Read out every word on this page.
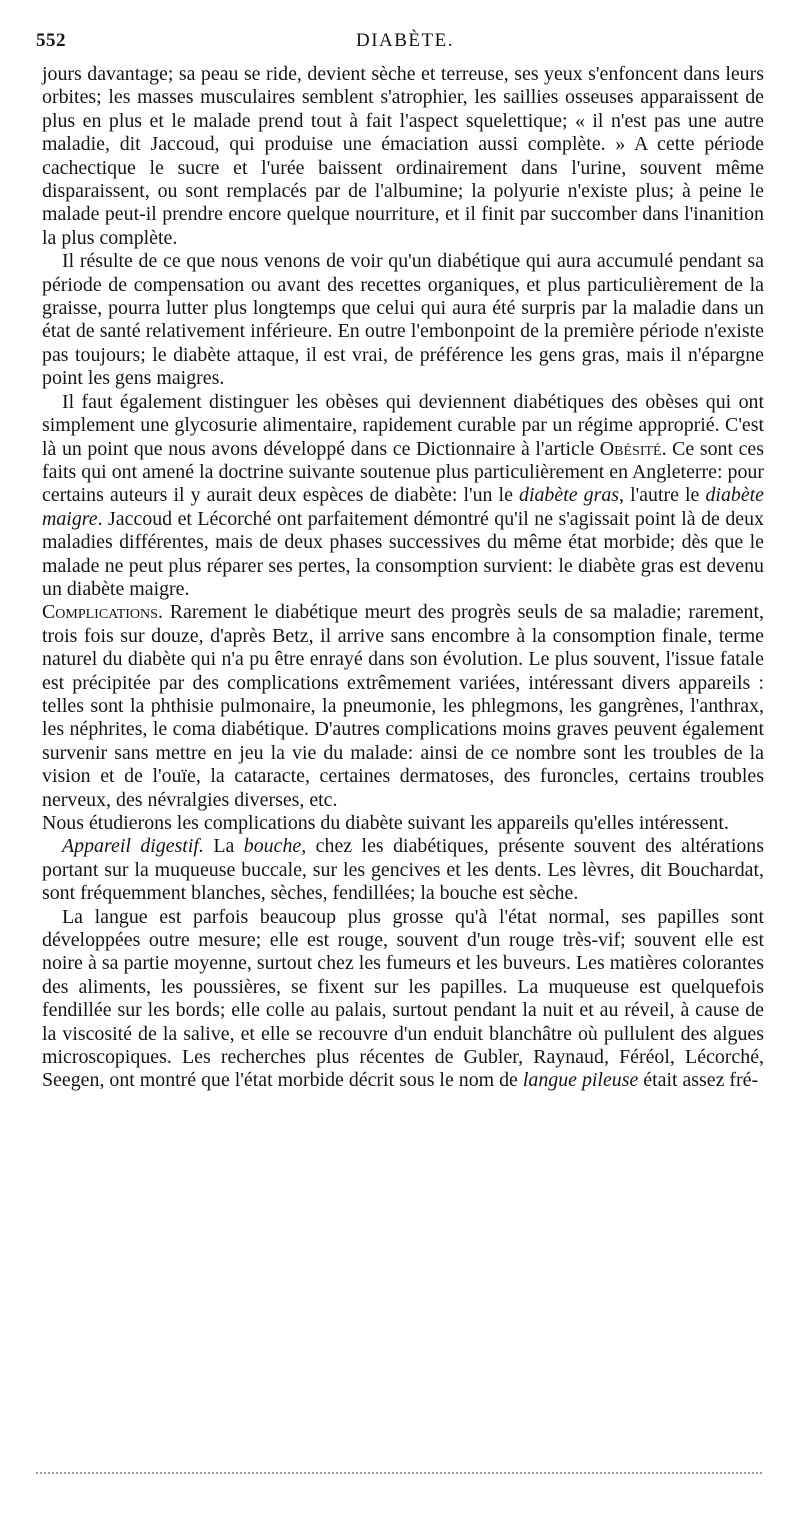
552	DIABÈTE.

jours davantage; sa peau se ride, devient sèche et terreuse, ses yeux s'enfoncent dans leurs orbites; les masses musculaires semblent s'atrophier, les saillies osseuses apparaissent de plus en plus et le malade prend tout à fait l'aspect squelettique; « il n'est pas une autre maladie, dit Jaccoud, qui produise une émaciation aussi complète. » A cette période cachectique le sucre et l'urée baissent ordinairement dans l'urine, souvent même disparaissent, ou sont remplacés par de l'albumine; la polyurie n'existe plus; à peine le malade peut-il prendre encore quelque nourriture, et il finit par succomber dans l'inanition la plus complète.

Il résulte de ce que nous venons de voir qu'un diabétique qui aura accumulé pendant sa période de compensation ou avant des recettes organiques, et plus particulièrement de la graisse, pourra lutter plus longtemps que celui qui aura été surpris par la maladie dans un état de santé relativement inférieure. En outre l'embonpoint de la première période n'existe pas toujours; le diabète attaque, il est vrai, de préférence les gens gras, mais il n'épargne point les gens maigres.

Il faut également distinguer les obèses qui deviennent diabétiques des obèses qui ont simplement une glycosurie alimentaire, rapidement curable par un régime approprié. C'est là un point que nous avons développé dans ce Dictionnaire à l'article Obésité. Ce sont ces faits qui ont amené la doctrine suivante soutenue plus particulièrement en Angleterre: pour certains auteurs il y aurait deux espèces de diabète: l'un le diabète gras, l'autre le diabète maigre. Jaccoud et Lécorché ont parfaitement démontré qu'il ne s'agissait point là de deux maladies différentes, mais de deux phases successives du même état morbide; dès que le malade ne peut plus réparer ses pertes, la consomption survient: le diabète gras est devenu un diabète maigre.

Complications. Rarement le diabétique meurt des progrès seuls de sa maladie; rarement, trois fois sur douze, d'après Betz, il arrive sans encombre à la consomption finale, terme naturel du diabète qui n'a pu être enrayé dans son évolution. Le plus souvent, l'issue fatale est précipitée par des complications extrêmement variées, intéressant divers appareils : telles sont la phthisie pulmonaire, la pneumonie, les phlegmons, les gangrènes, l'anthrax, les néphrites, le coma diabétique. D'autres complications moins graves peuvent également survenir sans mettre en jeu la vie du malade: ainsi de ce nombre sont les troubles de la vision et de l'ouïe, la cataracte, certaines dermatoses, des furoncles, certains troubles nerveux, des névralgies diverses, etc.

Nous étudierons les complications du diabète suivant les appareils qu'elles intéressent.

Appareil digestif. La bouche, chez les diabétiques, présente souvent des altérations portant sur la muqueuse buccale, sur les gencives et les dents. Les lèvres, dit Bouchardat, sont fréquemment blanches, sèches, fendillées; la bouche est sèche.

La langue est parfois beaucoup plus grosse qu'à l'état normal, ses papilles sont développées outre mesure; elle est rouge, souvent d'un rouge très-vif; souvent elle est noire à sa partie moyenne, surtout chez les fumeurs et les buveurs. Les matières colorantes des aliments, les poussières, se fixent sur les papilles. La muqueuse est quelquefois fendillée sur les bords; elle colle au palais, surtout pendant la nuit et au réveil, à cause de la viscosité de la salive, et elle se recouvre d'un enduit blanchâtre où pullulent des algues microscopiques. Les recherches plus récentes de Gubler, Raynaud, Féréol, Lécorché, Seegen, ont montré que l'état morbide décrit sous le nom de langue pileuse était assez fré-
